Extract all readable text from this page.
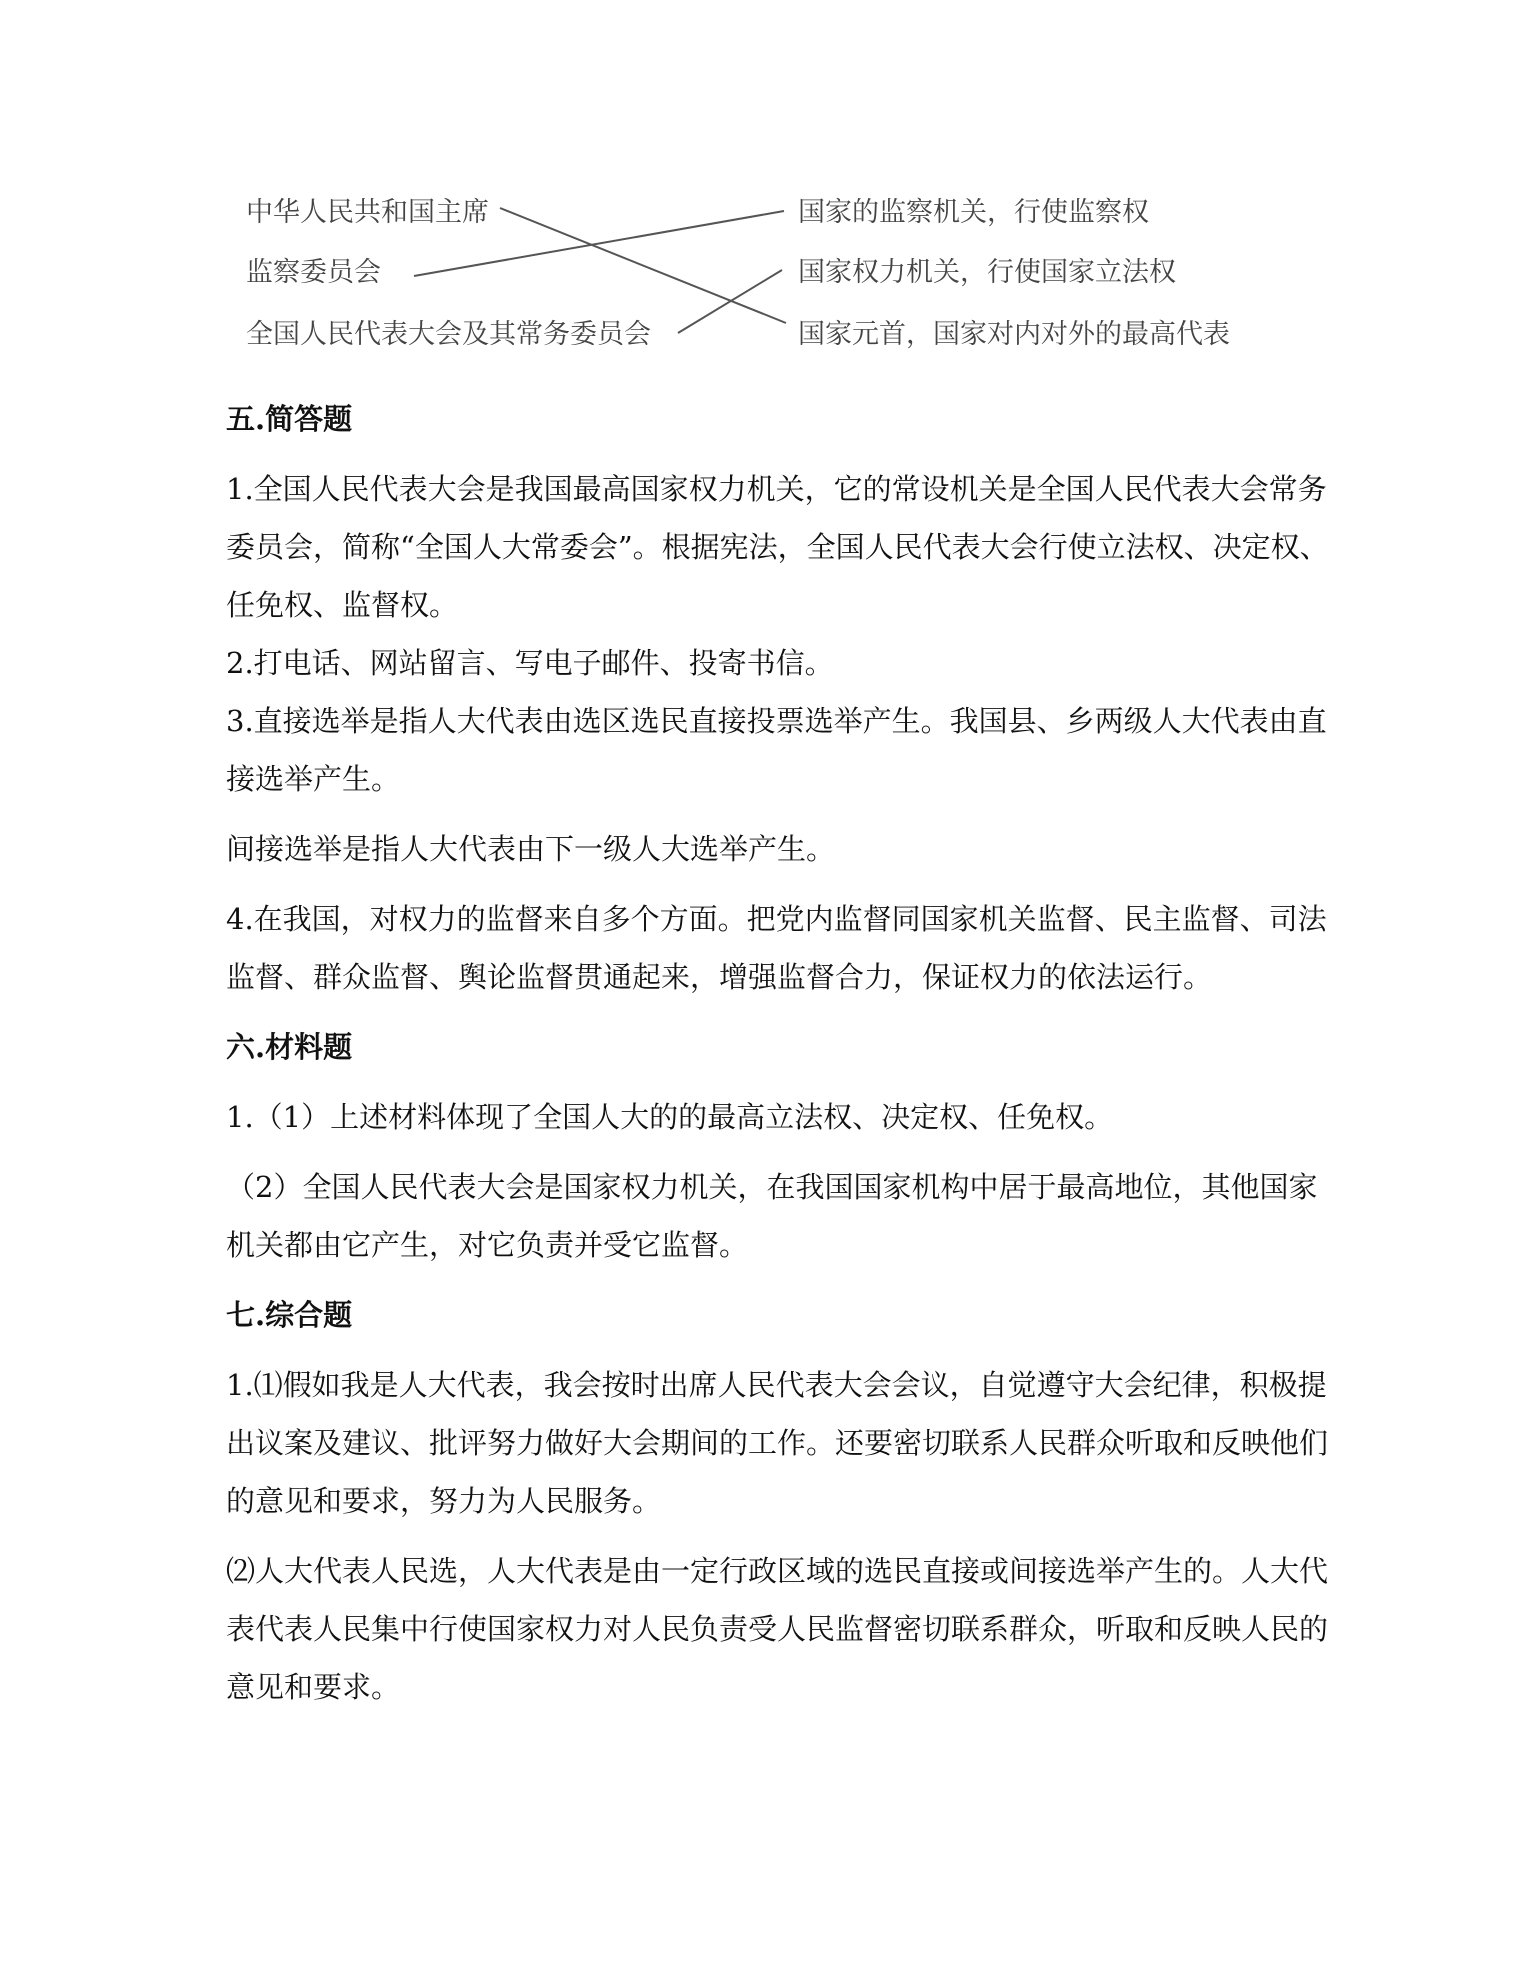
中华人民共和国主席
监察委员会
全国人民代表大会及其常务委员会
国家的监察机关，行使监察权
国家权力机关，行使国家立法权
国家元首，国家对内对外的最高代表
五.简答题

1.全国人民代表大会是我国最高国家权力机关，它的常设机关是全国人民代表大会常务委员会，简称“全国人大常委会”。根据宪法，全国人民代表大会行使立法权、决定权、任免权、监督权。

2.打电话、网站留言、写电子邮件、投寄书信。

3.直接选举是指人大代表由选区选民直接投票选举产生。我国县、乡两级人大代表由直接选举产生。

间接选举是指人大代表由下一级人大选举产生。

4.在我国，对权力的监督来自多个方面。把党内监督同国家机关监督、民主监督、司法监督、群众监督、舆论监督贯通起来，增强监督合力，保证权力的依法运行。

六.材料题

1.（1）上述材料体现了全国人大的的最高立法权、决定权、任免权。

（2）全国人民代表大会是国家权力机关，在我国国家机构中居于最高地位，其他国家机关都由它产生，对它负责并受它监督。

七.综合题

1.⑴假如我是人大代表，我会按时出席人民代表大会会议，自觉遵守大会纪律，积极提出议案及建议、批评努力做好大会期间的工作。还要密切联系人民群众听取和反映他们的意见和要求，努力为人民服务。

⑵人大代表人民选，人大代表是由一定行政区域的选民直接或间接选举产生的。人大代表代表人民集中行使国家权力对人民负责受人民监督密切联系群众，听取和反映人民的意见和要求。
